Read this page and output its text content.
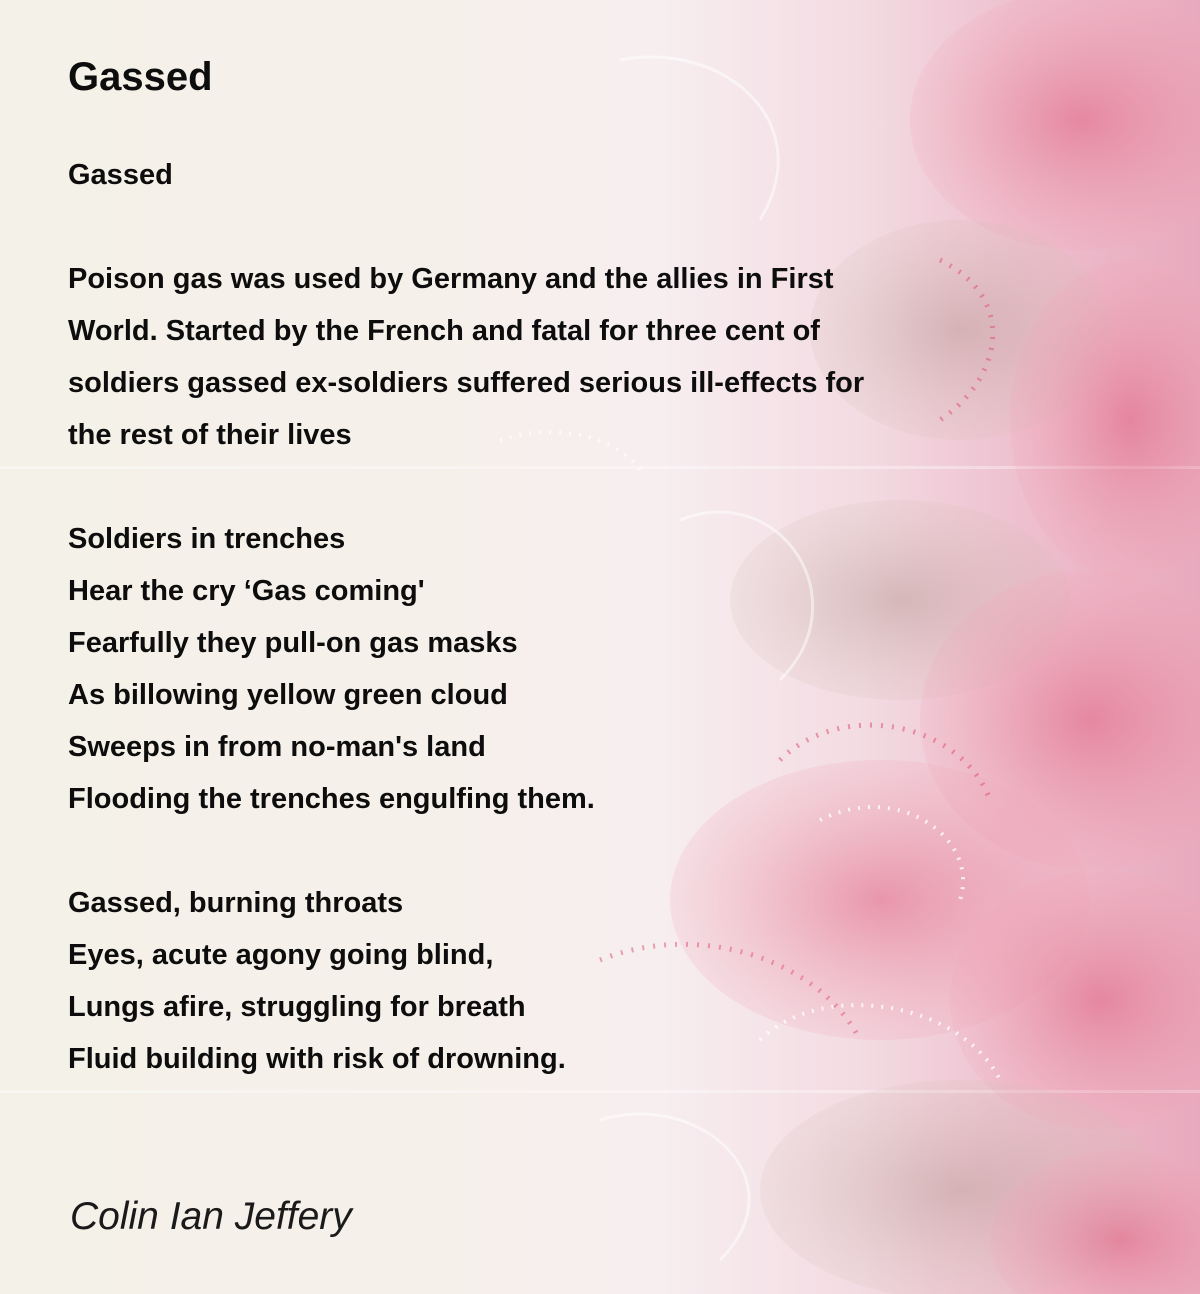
Gassed
Gassed
Poison gas was used by Germany and the allies in First
World. Started by the French and fatal for three cent of
soldiers gassed ex-soldiers suffered serious ill-effects for
the rest of their lives
Soldiers in trenches
Hear the cry ‘Gas coming'
Fearfully they pull-on gas masks
As billowing yellow green cloud
Sweeps in from no-man's land
Flooding the trenches engulfing them.
Gassed, burning throats
Eyes, acute agony going blind,
Lungs afire, struggling for breath
Fluid building with risk of drowning.
Colin Ian Jeffery
